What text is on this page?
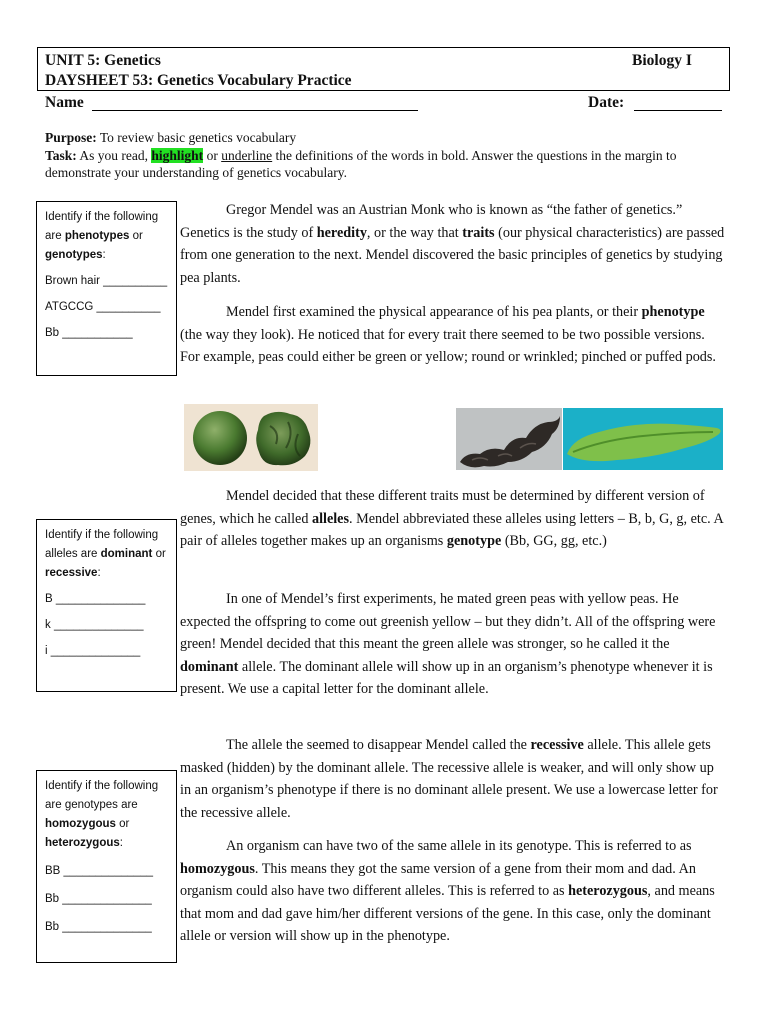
UNIT 5: Genetics	Biology I
DAYSHEET 53: Genetics Vocabulary Practice
Name	Date:
Purpose: To review basic genetics vocabulary
Task: As you read, highlight or underline the definitions of the words in bold. Answer the questions in the margin to demonstrate your understanding of genetics vocabulary.
Identify if the following are phenotypes or genotypes:
Brown hair __________
ATGCCG __________
Bb ___________
Identify if the following alleles are dominant or recessive:
B ______________
k ______________
i ______________
Identify if the following are genotypes are homozygous or heterozygous:
BB ______________
Bb ______________
Bb ______________

Gregor Mendel was an Austrian Monk who is known as “the father of genetics.” Genetics is the study of heredity, or the way that traits (our physical characteristics) are passed from one generation to the next. Mendel discovered the basic principles of genetics by studying pea plants.

Mendel first examined the physical appearance of his pea plants, or their phenotype (the way they look). He noticed that for every trait there seemed to be two possible versions. For example, peas could either be green or yellow; round or wrinkled; pinched or puffed pods.

Mendel decided that these different traits must be determined by different version of genes, which he called alleles. Mendel abbreviated these alleles using letters – B, b, G, g, etc. A pair of alleles together makes up an organisms genotype (Bb, GG, gg, etc.)

In one of Mendel’s first experiments, he mated green peas with yellow peas. He expected the offspring to come out greenish yellow – but they didn’t. All of the offspring were green! Mendel decided that this meant the green allele was stronger, so he called it the dominant allele. The dominant allele will show up in an organism’s phenotype whenever it is present. We use a capital letter for the dominant allele.

The allele the seemed to disappear Mendel called the recessive allele. This allele gets masked (hidden) by the dominant allele. The recessive allele is weaker, and will only show up in an organism’s phenotype if there is no dominant allele present. We use a lowercase letter for the recessive allele.

An organism can have two of the same allele in its genotype. This is referred to as homozygous. This means they got the same version of a gene from their mom and dad. An organism could also have two different alleles. This is referred to as heterozygous, and means that mom and dad gave him/her different versions of the gene. In this case, only the dominant allele or version will show up in the phenotype.
